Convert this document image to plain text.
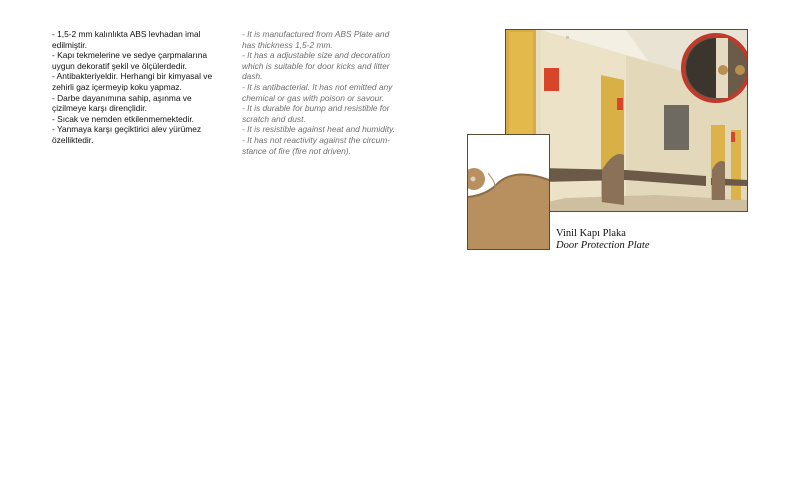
- 1,5-2 mm kalınlıkta ABS levhadan imal
edilmiştir.
- Kapı tekmelerine ve sedye çarpmalarına
uygun dekoratif şekil ve ölçülerdedir.
- Antibakteriyeldir. Herhangi bir kimyasal ve
zehirli gaz içermeyip koku yapmaz.
- Darbe dayanımına sahip, aşınma ve
çizilmeye karşı dirençlidir.
- Sıcak ve nemden etkilenmemektedir.
- Yanmaya karşı geçiktirici alev yürümez
özelliktedir.
- It is manufactured from ABS Plate and
has thickness 1,5-2 mm.
- It has a adjustable size and decoration
which is suitable for door kicks and litter
dash.
- It is antibacterial. It has not emitted any
chemical or gas with poison or savour.
- It is durable for bump and resistible for
scratch and dust.
- It is resistible against heat and humidity.
- It has not reactivity against the circum-
stance of fire (fire not driven).
Vinil Kapı Plaka
Door Protection Plate
